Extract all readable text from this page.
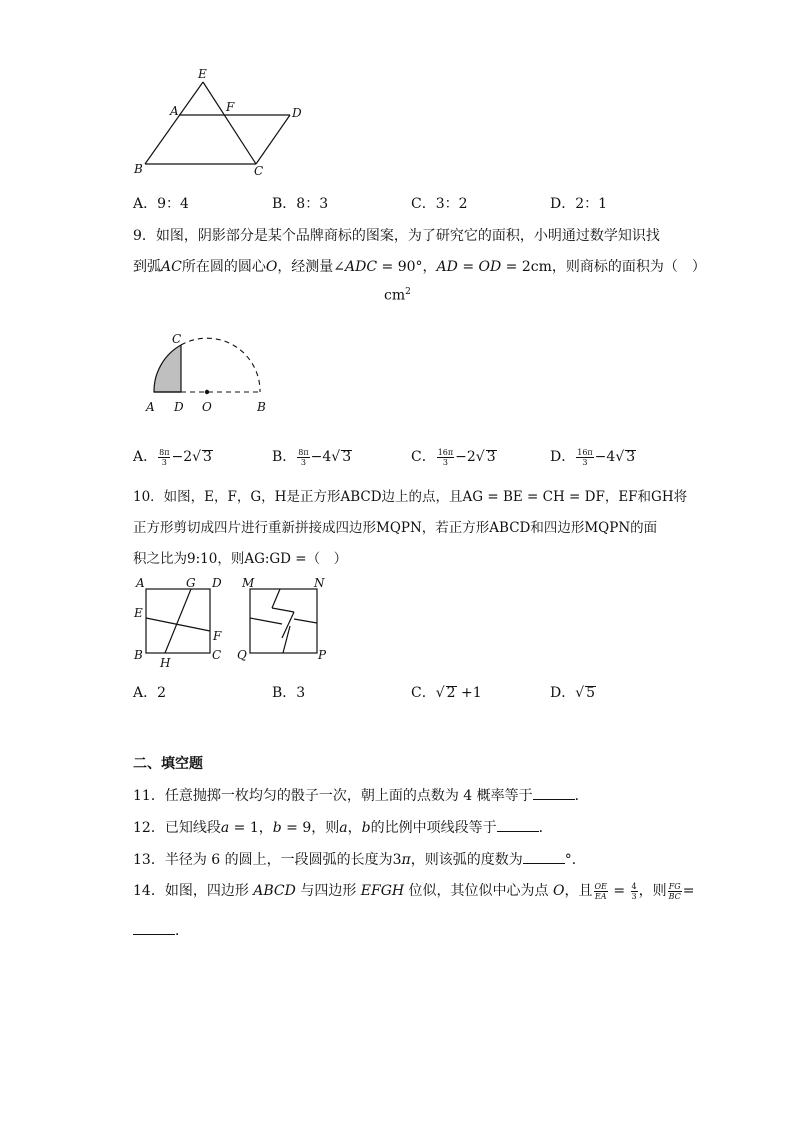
E
A	F	D
B	C
A．9：4	B．8：3	C．3：2	D．2：1
9．如图，阴影部分是某个品牌商标的图案，为了研究它的面积，小明通过数学知识找
到弧AC所在圆的圆心O，经测量∠ADC = 90°，AD = OD = 2cm，则商标的面积为（　）
$cm^2$
C
A D O	B
A． $\frac{8\pi}{3} -2√$ 3	B． $\frac{8\pi}{3} -4√$ 3	C． $\frac{16\pi}{3} -2√$ 3	D． $\frac{16\pi}{3} -4√$ 3
10．如图，E，F，G，H是正方形ABCD边上的点，且AG = BE = CH = DF，EF和GH将
正方形剪切成四片进行重新拼接成四边形MQPN，若正方形ABCD和四边形MQPN的面
积之比为9:10，则AG:GD =（　）
A	G D
E
F
B
H
C
M	N
Q	P
A．2	B．3	C．√ 2 +1	D．√ 5
二、填空题
11．任意抛掷一枚均匀的骰子一次，朝上面的点数为 4 概率等于	．
12．已知线段a = 1，b = 9，则a，b的比例中项线段等于	．
13．半径为 6 的圆上，一段圆弧的长度为3π，则该弧的度数为	°．
14．如图，四边形 ABCD 与四边形 EFGH 位似，其位似中心为点 O，且 $\frac{OE}{EA} = \frac{4}{3}$ ，则 $\frac{FG}{BC}$ =
．
